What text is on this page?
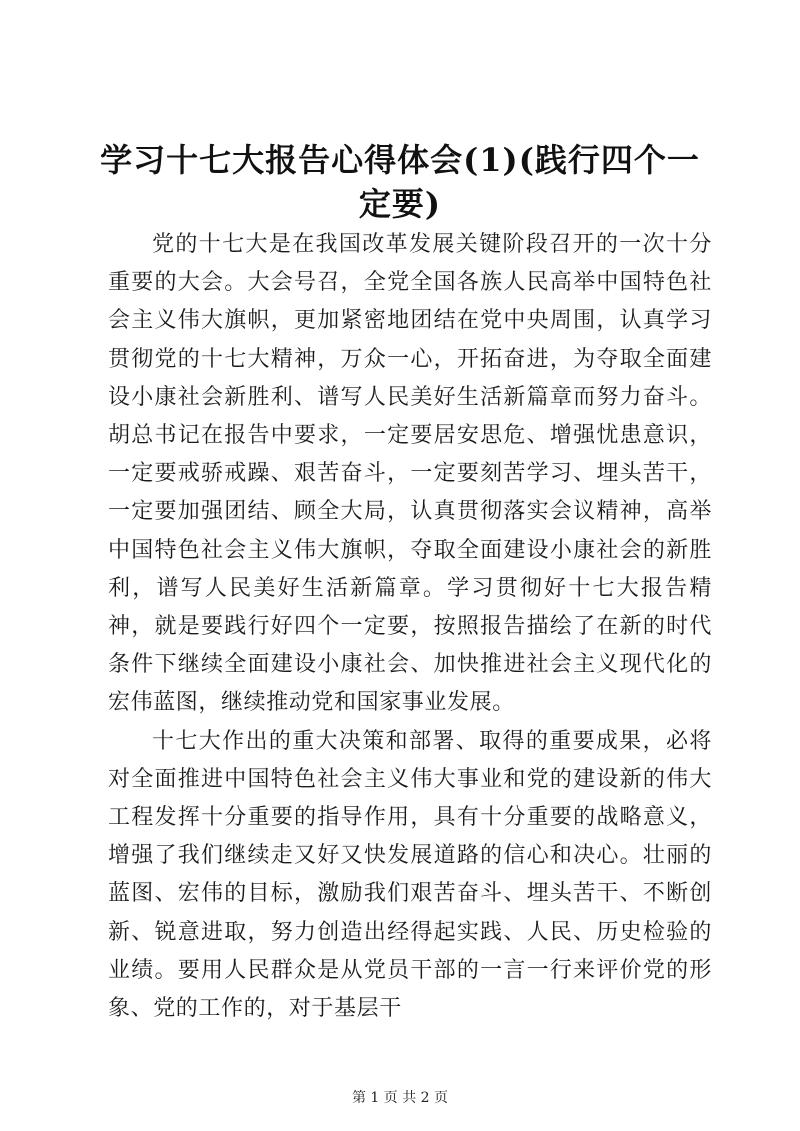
学习十七大报告心得体会(1)(践行四个一定要)

党的十七大是在我国改革发展关键阶段召开的一次十分重要的大会。大会号召，全党全国各族人民高举中国特色社会主义伟大旗帜，更加紧密地团结在党中央周围，认真学习贯彻党的十七大精神，万众一心，开拓奋进，为夺取全面建设小康社会新胜利、谱写人民美好生活新篇章而努力奋斗。胡总书记在报告中要求，一定要居安思危、增强忧患意识，一定要戒骄戒躁、艰苦奋斗，一定要刻苦学习、埋头苦干，一定要加强团结、顾全大局，认真贯彻落实会议精神，高举中国特色社会主义伟大旗帜，夺取全面建设小康社会的新胜利，谱写人民美好生活新篇章。学习贯彻好十七大报告精神，就是要践行好四个一定要，按照报告描绘了在新的时代条件下继续全面建设小康社会、加快推进社会主义现代化的宏伟蓝图，继续推动党和国家事业发展。

十七大作出的重大决策和部署、取得的重要成果，必将对全面推进中国特色社会主义伟大事业和党的建设新的伟大工程发挥十分重要的指导作用，具有十分重要的战略意义，增强了我们继续走又好又快发展道路的信心和决心。壮丽的蓝图、宏伟的目标，激励我们艰苦奋斗、埋头苦干、不断创新、锐意进取，努力创造出经得起实践、人民、历史检验的业绩。要用人民群众是从党员干部的一言一行来评价党的形象、党的工作的，对于基层干

第 1 页 共 2 页
